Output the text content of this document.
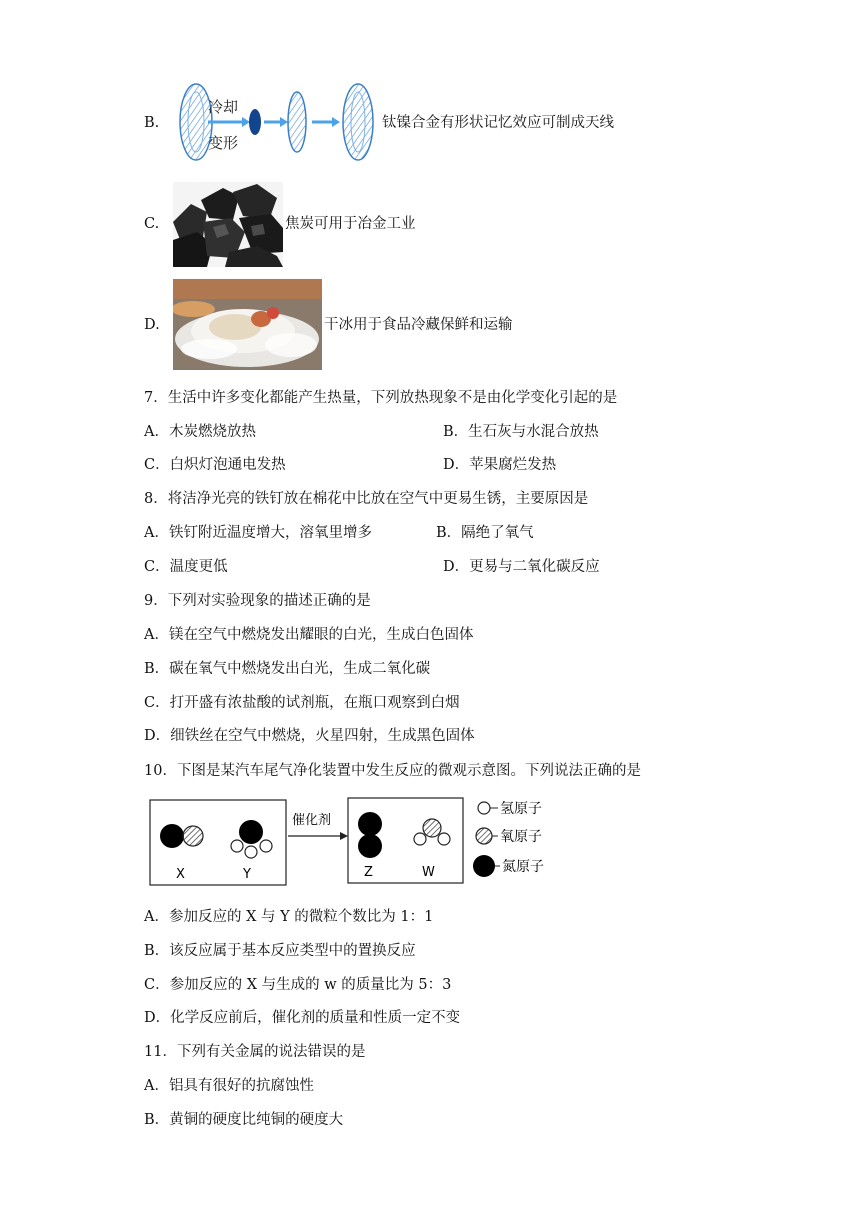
B.
冷却
变形
钛镍合金有形状记忆效应可制成天线
C.	焦炭可用于冶金工业
D.	干冰用于食品冷藏保鲜和运输
7．生活中许多变化都能产生热量，下列放热现象不是由化学变化引起的是
A．木炭燃烧放热	B．生石灰与水混合放热
C．白炽灯泡通电发热	D．苹果腐烂发热
8．将洁净光亮的铁钉放在棉花中比放在空气中更易生锈，主要原因是
A．铁钉附近温度增大，溶氧里增多	B．隔绝了氧气
C．温度更低	D．更易与二氧化碳反应
9．下列对实验现象的描述正确的是
A．镁在空气中燃烧发出耀眼的白光，生成白色固体
B．碳在氧气中燃烧发出白光，生成二氧化碳
C．打开盛有浓盐酸的试剂瓶，在瓶口观察到白烟
D．细铁丝在空气中燃烧，火星四射，生成黑色固体
10．下图是某汽车尾气净化装置中发生反应的微观示意图。下列说法正确的是
X	Y
催化剂
Z	W
氢原子
氧原子
氮原子
A．参加反应的 X 与 Y 的微粒个数比为 1：1
B．该反应属于基本反应类型中的置换反应
C．参加反应的 X 与生成的 w 的质量比为 5：3
D．化学反应前后，催化剂的质量和性质一定不变
11．下列有关金属的说法错误的是
A．铝具有很好的抗腐蚀性
B．黄铜的硬度比纯铜的硬度大
